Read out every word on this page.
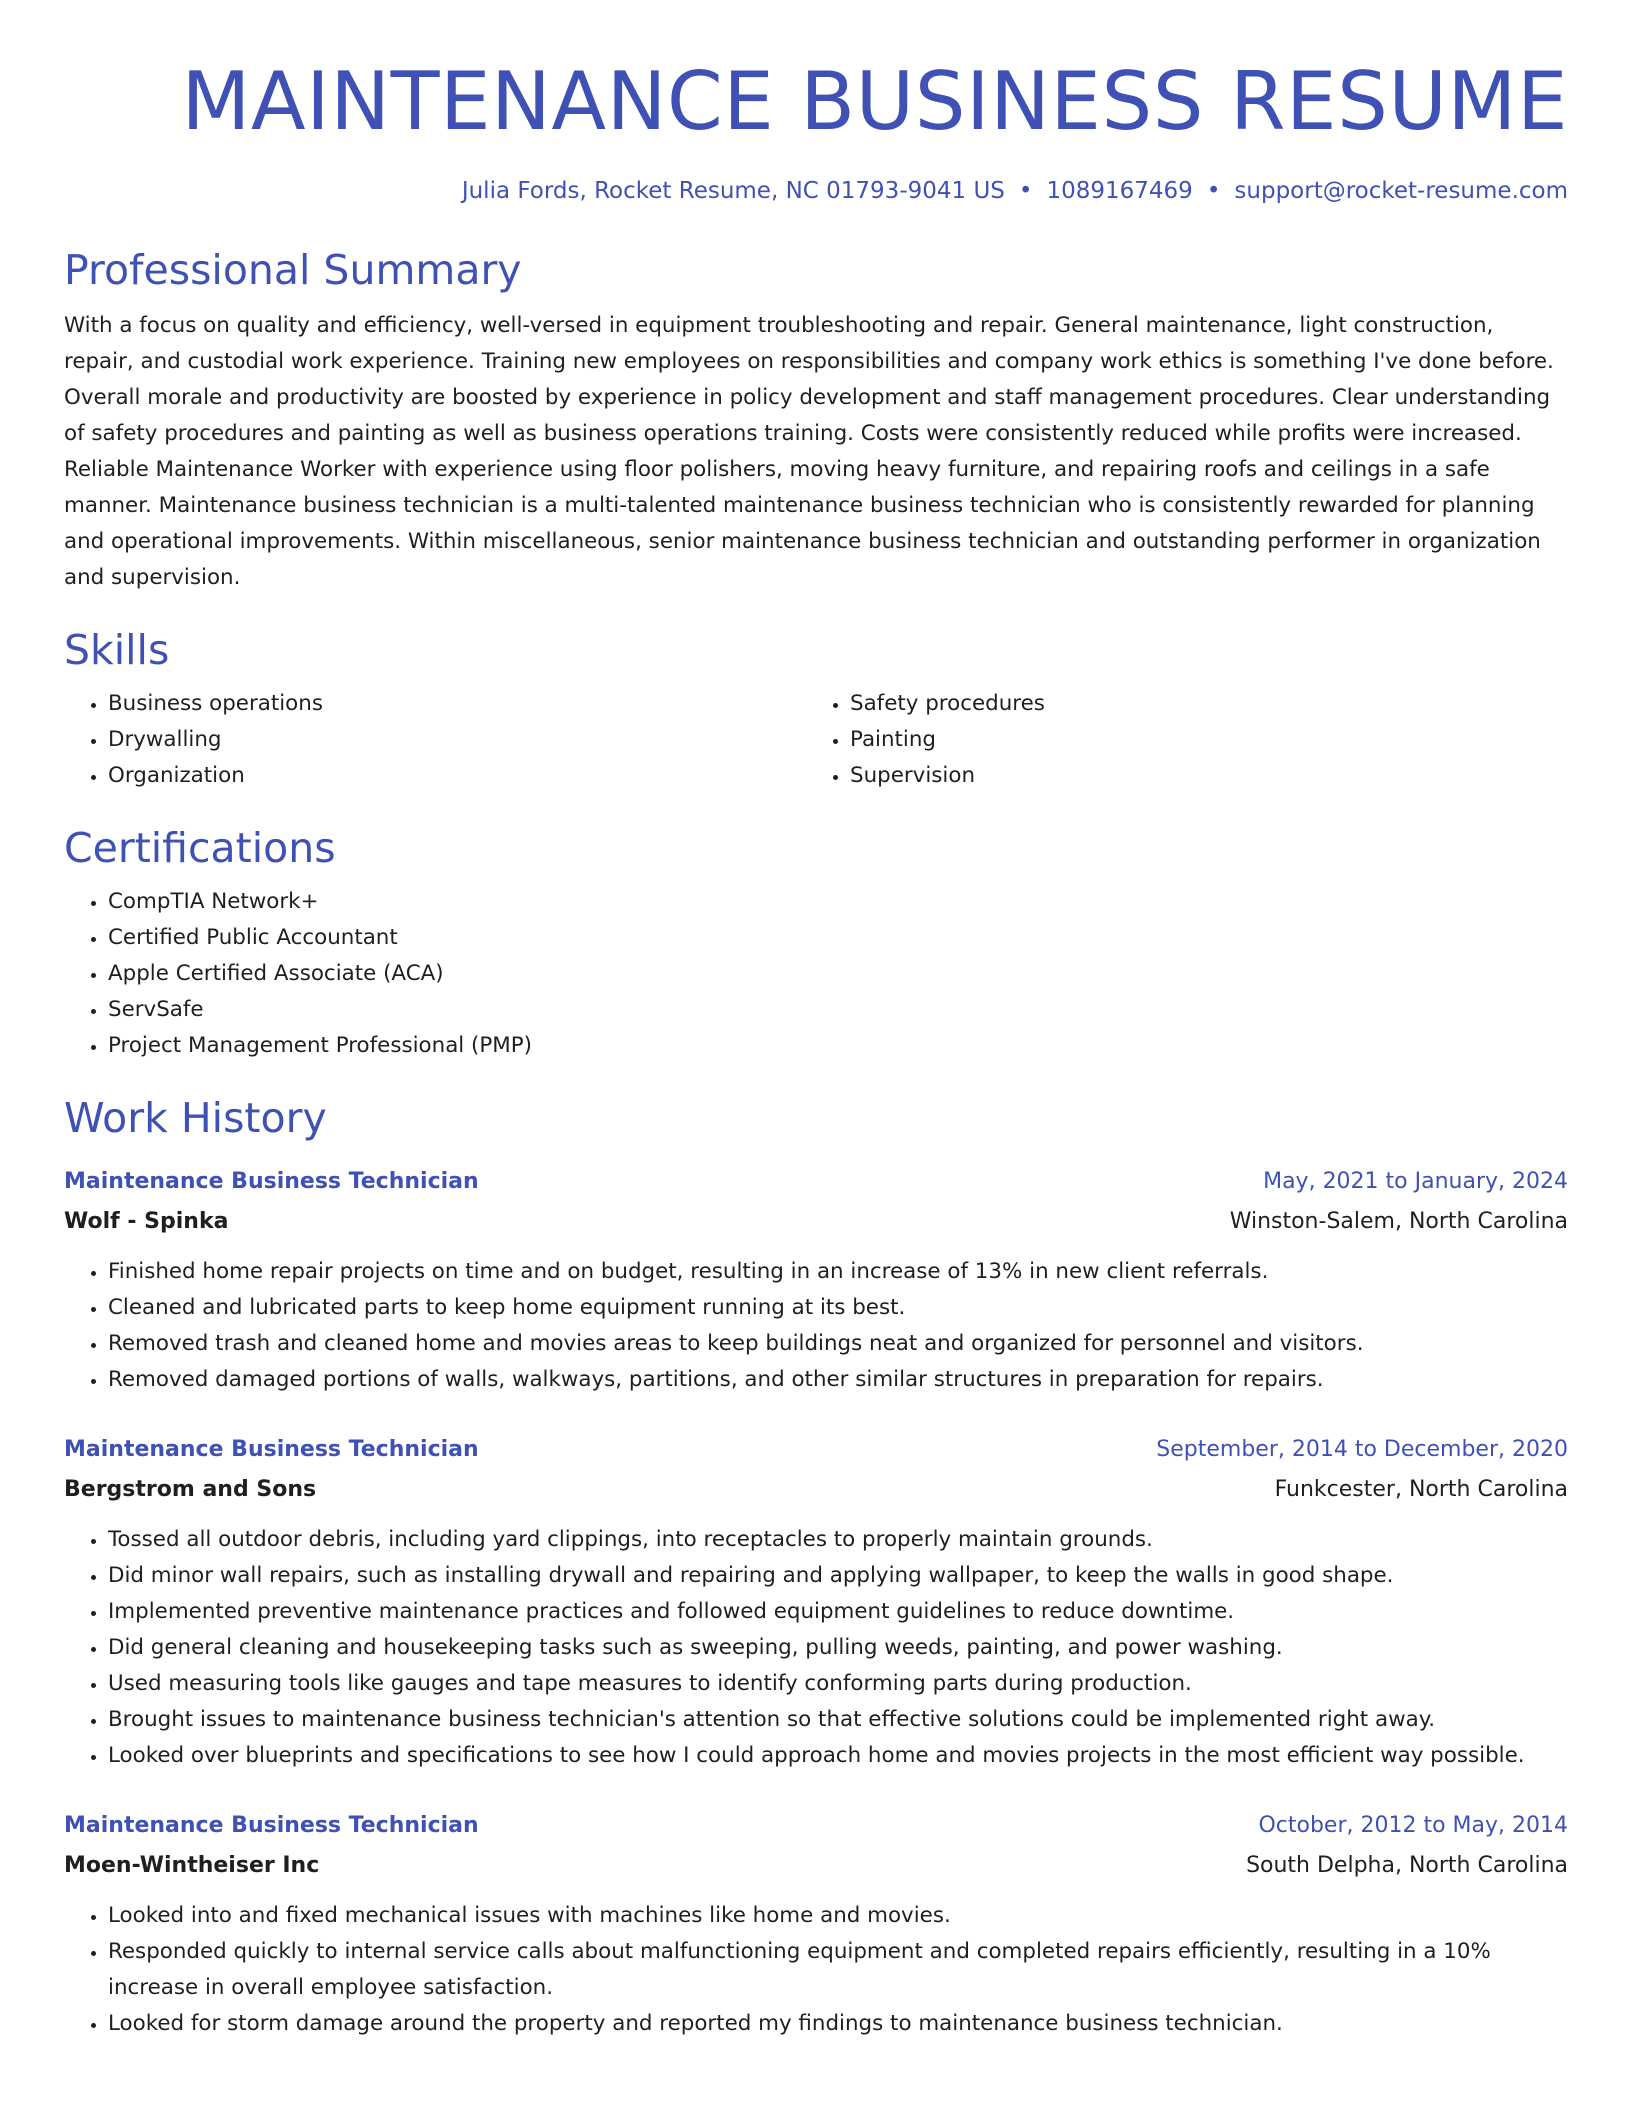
MAINTENANCE BUSINESS RESUME
Julia Fords, Rocket Resume, NC 01793-9041 US • 1089167469 • support@rocket-resume.com
Professional Summary

With a focus on quality and efficiency, well-versed in equipment troubleshooting and repair. General maintenance, light construction, repair, and custodial work experience. Training new employees on responsibilities and company work ethics is something I've done before. Overall morale and productivity are boosted by experience in policy development and staff management procedures. Clear understanding of safety procedures and painting as well as business operations training. Costs were consistently reduced while profits were increased. Reliable Maintenance Worker with experience using floor polishers, moving heavy furniture, and repairing roofs and ceilings in a safe manner. Maintenance business technician is a multi-talented maintenance business technician who is consistently rewarded for planning and operational improvements. Within miscellaneous, senior maintenance business technician and outstanding performer in organization and supervision.

Skills
• Business operations
• Drywalling
• Organization
• Safety procedures
• Painting
• Supervision
Certifications
• CompTIA Network+
• Certified Public Accountant
• Apple Certified Associate (ACA)
• ServSafe
• Project Management Professional (PMP)
Work History
Maintenance Business Technician	May, 2021 to January, 2024
Wolf - Spinka	Winston-Salem, North Carolina
• Finished home repair projects on time and on budget, resulting in an increase of 13% in new client referrals.
• Cleaned and lubricated parts to keep home equipment running at its best.
• Removed trash and cleaned home and movies areas to keep buildings neat and organized for personnel and visitors.
• Removed damaged portions of walls, walkways, partitions, and other similar structures in preparation for repairs.
Maintenance Business Technician	September, 2014 to December, 2020
Bergstrom and Sons	Funkcester, North Carolina
• Tossed all outdoor debris, including yard clippings, into receptacles to properly maintain grounds.
• Did minor wall repairs, such as installing drywall and repairing and applying wallpaper, to keep the walls in good shape.
• Implemented preventive maintenance practices and followed equipment guidelines to reduce downtime.
• Did general cleaning and housekeeping tasks such as sweeping, pulling weeds, painting, and power washing.
• Used measuring tools like gauges and tape measures to identify conforming parts during production.
• Brought issues to maintenance business technician's attention so that effective solutions could be implemented right away.
• Looked over blueprints and specifications to see how I could approach home and movies projects in the most efficient way possible.
Maintenance Business Technician	October, 2012 to May, 2014
Moen-Wintheiser Inc	South Delpha, North Carolina
• Looked into and fixed mechanical issues with machines like home and movies.
• Responded quickly to internal service calls about malfunctioning equipment and completed repairs efficiently, resulting in a 10% increase in overall employee satisfaction.
• Looked for storm damage around the property and reported my findings to maintenance business technician.
